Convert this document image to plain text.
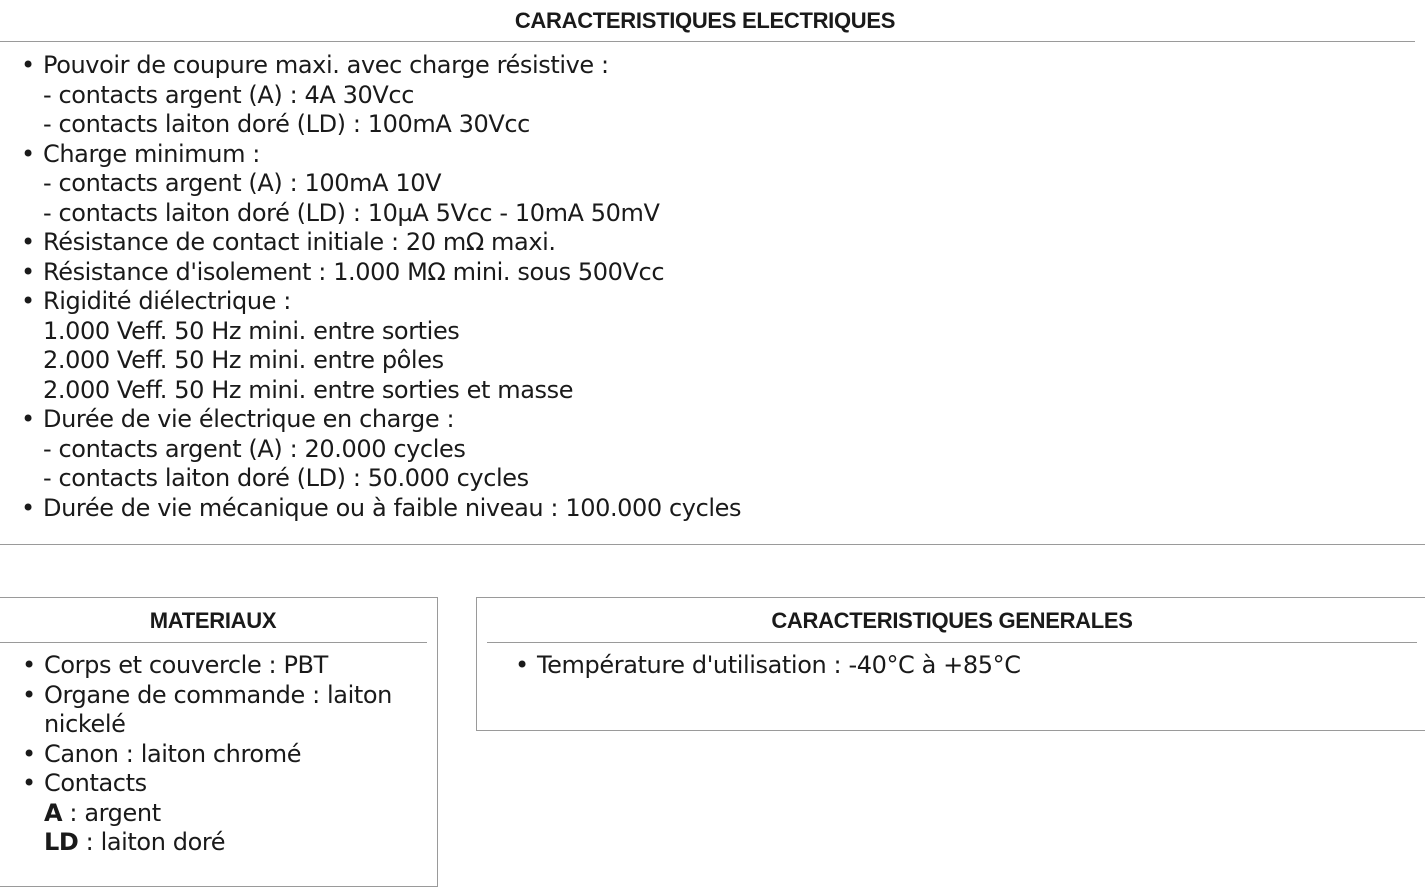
CARACTERISTIQUES ELECTRIQUES
• Pouvoir de coupure maxi. avec charge résistive :
- contacts argent (A) : 4A 30Vcc
- contacts laiton doré (LD) : 100mA 30Vcc
• Charge minimum :
- contacts argent (A) : 100mA 10V
- contacts laiton doré (LD) : 10µA 5Vcc - 10mA 50mV
• Résistance de contact initiale : 20 mΩ maxi.
• Résistance d'isolement : 1.000 MΩ mini. sous 500Vcc
• Rigidité diélectrique :
1.000 Veff. 50 Hz mini. entre sorties
2.000 Veff. 50 Hz mini. entre pôles
2.000 Veff. 50 Hz mini. entre sorties et masse
• Durée de vie électrique en charge :
- contacts argent (A) : 20.000 cycles
- contacts laiton doré (LD) : 50.000 cycles
• Durée de vie mécanique ou à faible niveau : 100.000 cycles
MATERIAUX
• Corps et couvercle : PBT
• Organe de commande : laiton nickelé
• Canon : laiton chromé
• Contacts
A : argent
LD : laiton doré
CARACTERISTIQUES GENERALES
• Température d'utilisation : -40°C à +85°C
